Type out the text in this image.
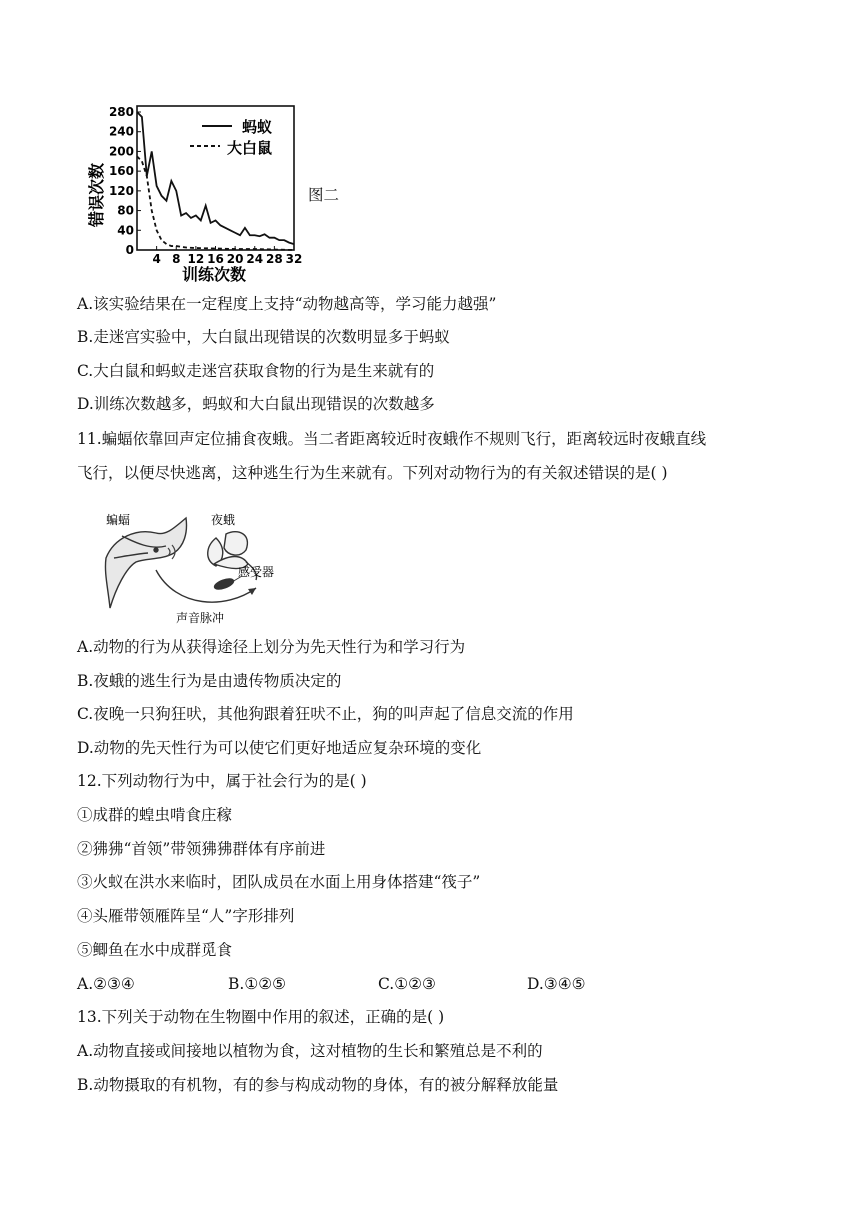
0
40
80
120
160
200
240
280
4 8 12 16 20 24 28 32
蚂蚁
大白鼠
错误次数
训练次数
图二
A.该实验结果在一定程度上支持“动物越高等，学习能力越强”
B.走迷宫实验中，大白鼠出现错误的次数明显多于蚂蚁
C.大白鼠和蚂蚁走迷宫获取食物的行为是生来就有的
D.训练次数越多，蚂蚁和大白鼠出现错误的次数越多
11.蝙蝠依靠回声定位捕食夜蛾。当二者距离较近时夜蛾作不规则飞行，距离较远时夜蛾直线
飞行，以便尽快逃离，这种逃生行为生来就有。下列对动物行为的有关叙述错误的是( )
蝙蝠	夜蛾
感受器
声音脉冲
A.动物的行为从获得途径上划分为先天性行为和学习行为
B.夜蛾的逃生行为是由遗传物质决定的
C.夜晚一只狗狂吠，其他狗跟着狂吠不止，狗的叫声起了信息交流的作用
D.动物的先天性行为可以使它们更好地适应复杂环境的变化
12.下列动物行为中，属于社会行为的是( )
①成群的蝗虫啃食庄稼
②狒狒“首领”带领狒狒群体有序前进
③火蚁在洪水来临时，团队成员在水面上用身体搭建“筏子”
④头雁带领雁阵呈“人”字形排列
⑤鲫鱼在水中成群觅食
A.②③④	B.①②⑤	C.①②③	D.③④⑤
13.下列关于动物在生物圈中作用的叙述，正确的是( )
A.动物直接或间接地以植物为食，这对植物的生长和繁殖总是不利的
B.动物摄取的有机物，有的参与构成动物的身体，有的被分解释放能量
